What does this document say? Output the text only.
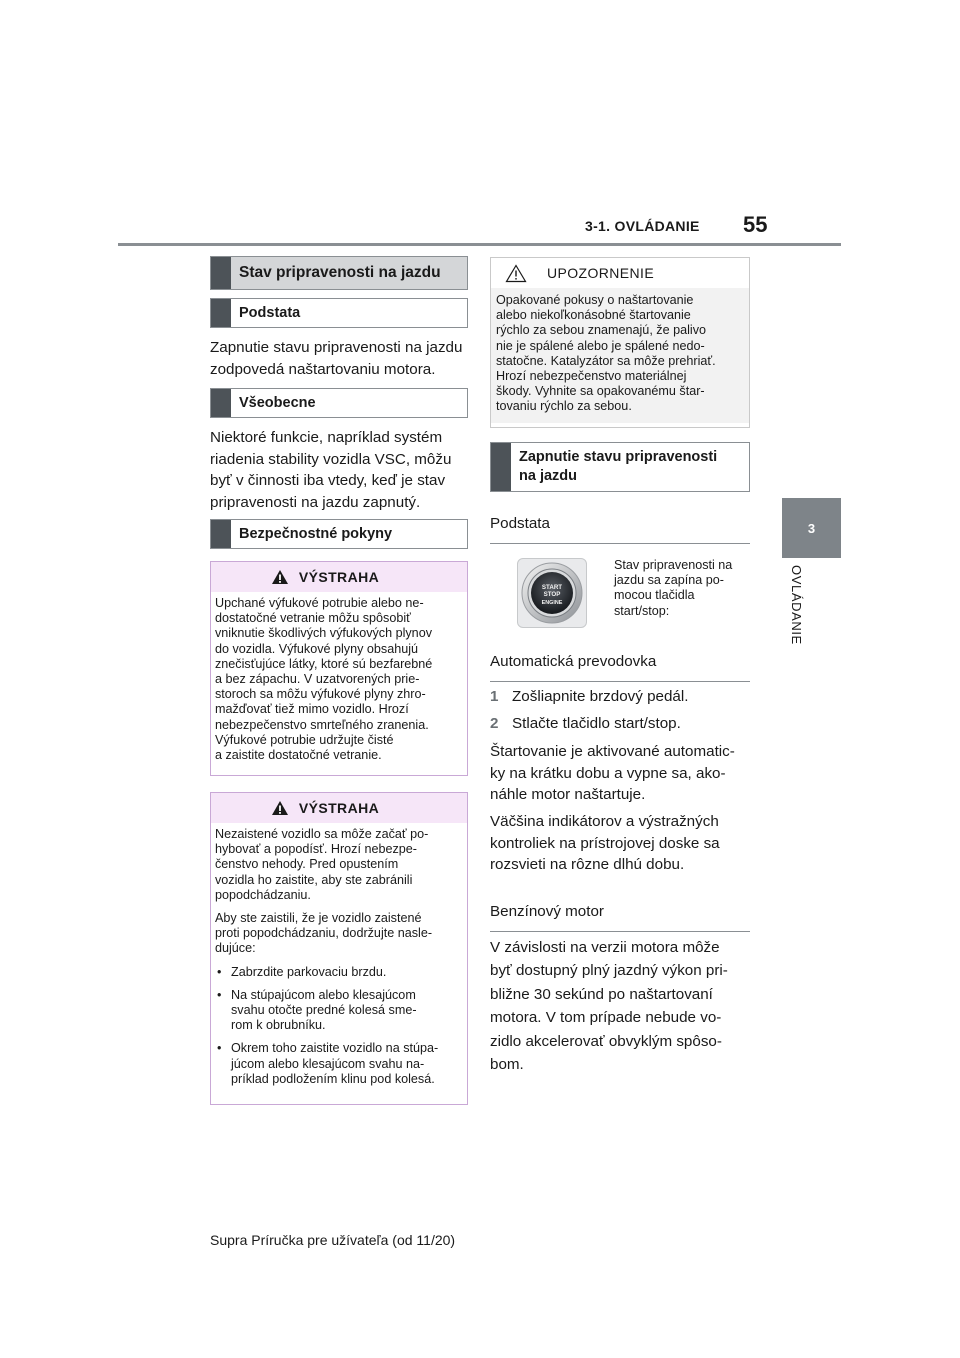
3-1. OVLÁDANIE 55
3
OVLÁDANIE
Stav pripravenosti na jazdu
Podstata
Zapnutie stavu pripravenosti na jazdu
zodpovedá naštartovaniu motora.
Všeobecne
Niektoré funkcie, napríklad systém
riadenia stability vozidla VSC, môžu
byť v činnosti iba vtedy, keď je stav
pripravenosti na jazdu zapnutý.
Bezpečnostné pokyny
VÝSTRAHA
Upchané výfukové potrubie alebo ne-
dostatočné vetranie môžu spôsobiť
vniknutie škodlivých výfukových plynov
do vozidla. Výfukové plyny obsahujú
znečisťujúce látky, ktoré sú bezfarebné
a bez zápachu. V uzatvorených prie-
storoch sa môžu výfukové plyny zhro-
mažďovať tiež mimo vozidlo. Hrozí
nebezpečenstvo smrteľného zranenia.
Výfukové potrubie udržujte čisté
a zaistite dostatočné vetranie.
VÝSTRAHA

Nezaistené vozidlo sa môže začať po-
hybovať a popodísť. Hrozí nebezpe-
čenstvo nehody. Pred opustením
vozidla ho zaistite, aby ste zabránili
popodchádzaniu.

Aby ste zaistili, že je vozidlo zaistené
proti popodchádzaniu, dodržujte nasle-
dujúce:

• Zabrzdite parkovaciu brzdu.
• Na stúpajúcom alebo klesajúcom
svahu otočte predné kolesá sme-
rom k obrubníku.
• Okrem toho zaistite vozidlo na stúpa-
júcom alebo klesajúcom svahu na-
príklad podložením klinu pod kolesá.
UPOZORNENIE
Opakované pokusy o naštartovanie
alebo niekoľkonásobné štartovanie
rýchlo za sebou znamenajú, že palivo
nie je spálené alebo je spálené nedo-
statočne. Katalyzátor sa môže prehriať.
Hrozí nebezpečenstvo materiálnej
škody. Vyhnite sa opakovanému štar-
tovaniu rýchlo za sebou.
Zapnutie stavu pripravenosti
na jazdu
Podstata
START
STOP
ENGINE
Stav pripravenosti na
jazdu sa zapína po-
mocou tlačidla
start/stop:
Automatická prevodovka
1 Zošliapnite brzdový pedál.
2 Stlačte tlačidlo start/stop.
Štartovanie je aktivované automatic-
ky na krátku dobu a vypne sa, ako-
náhle motor naštartuje.
Väčšina indikátorov a výstražných
kontroliek na prístrojovej doske sa
rozsvieti na rôzne dlhú dobu.
Benzínový motor
V závislosti na verzii motora môže
byť dostupný plný jazdný výkon pri-
bližne 30 sekúnd po naštartovaní
motora. V tom prípade nebude vo-
zidlo akcelerovať obvyklým spôso-
bom.
Supra Príručka pre užívateľa (od 11/20)
